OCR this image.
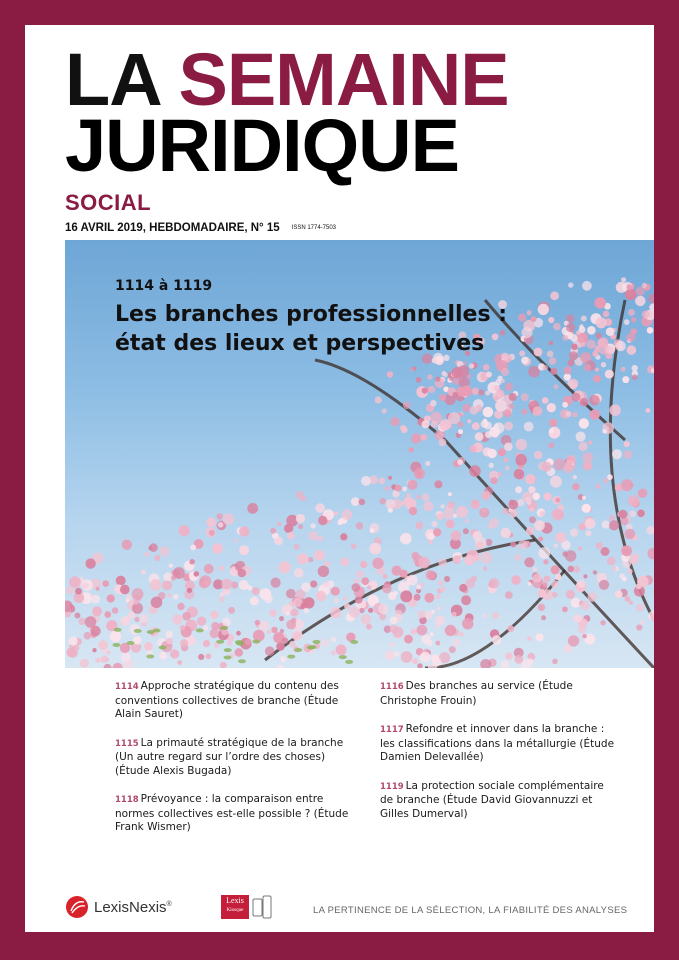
LA SEMAINE
JURIDIQUE
SOCIAL
16 AVRIL 2019, HEBDOMADAIRE, N° 15 ISSN 1774-7503
1114 à 1119
Les branches professionnelles :
état des lieux et perspectives
1114 Approche stratégique du contenu des conventions collectives de branche (Étude Alain Sauret)
1115 La primauté stratégique de la branche (Un autre regard sur l’ordre des choses) (Étude Alexis Bugada)
1118 Prévoyance : la comparaison entre normes collectives est-elle possible ? (Étude Frank Wismer)
1116 Des branches au service (Étude Christophe Frouin)
1117 Refondre et innover dans la branche : les classifications dans la métallurgie (Étude Damien Delevallée)
1119 La protection sociale complémentaire de branche (Étude David Giovannuzzi et Gilles Dumerval)
LexisNexis®	Lexis
Kiosque	LA PERTINENCE DE LA SÉLECTION, LA FIABILITÉ DES ANALYSES
